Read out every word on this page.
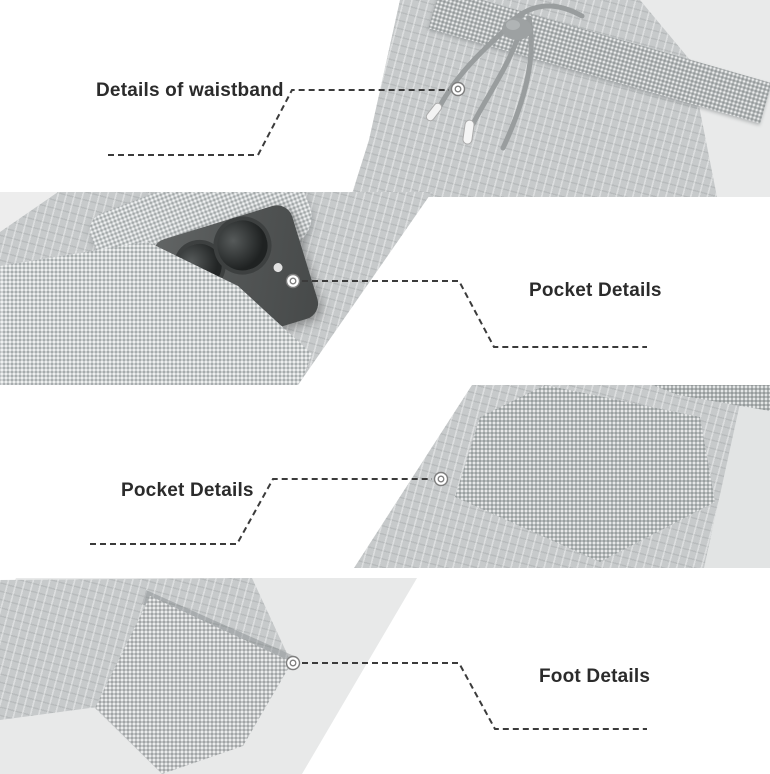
Details of waistband
Pocket Details
Pocket Details
Foot Details
